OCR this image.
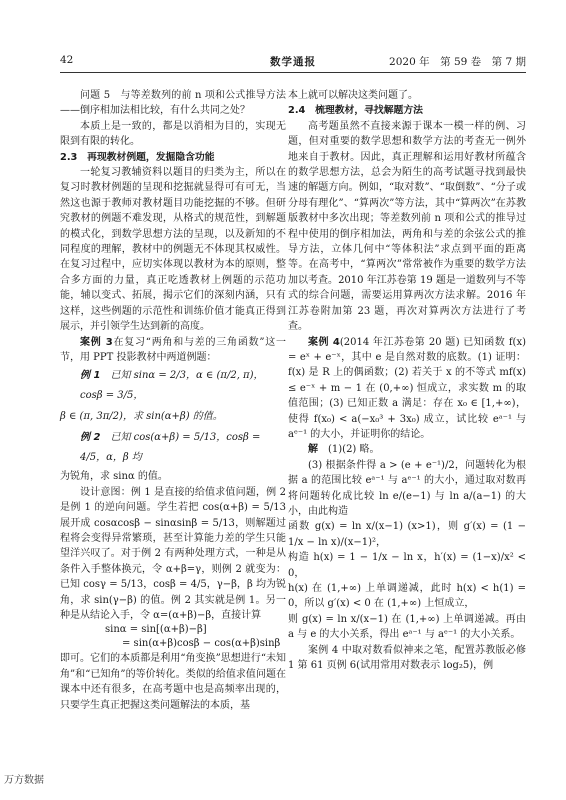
42	数学通报	2020 年　第 59 卷　第 7 期

问题 5　与等差数列的前 n 项和公式推导方法——倒序相加法相比较，有什么共同之处？

本质上是一致的，都是以消相为目的，实现无限到有限的转化。

2.3　再现教材例题，发掘隐含功能

一轮复习教辅资料以题目的归类为主，所以在复习时教材例题的呈现和挖掘就显得可有可无，当然这也源于教师对教材题目功能挖掘的不够。但研究教材的例题不难发现，从格式的规范性，到解题的模式化，到数学思想方法的呈现，以及新知的不同程度的理解，教材中的例题无不体现其权威性。在复习过程中，应切实体现以教材为本的原则，整合多方面的力量，真正吃透教材上例题的示范功能，辅以变式、拓展，揭示它们的深刻内涵，只有这样，这些例题的示范性和训练价值才能真正得到展示，并引领学生达到新的高度。

案例 3在复习“两角和与差的三角函数”这一节，用 PPT 投影教材中两道例题：

例 1　 已知 sinα = 2/3，α ∈ (π/2, π)，cosβ = 3/5，

β ∈ (π, 3π/2)，求 sin(α+β) 的值。

例 2　 已知 cos(α+β) = 5/13，cosβ = 4/5，α，β 均

为锐角，求 sinα 的值。

设计意图：例 1 是直接的给值求值问题，例 2 是例 1 的逆向问题。学生若把 cos(α+β) = 5/13 展开成 cosαcosβ − sinαsinβ = 5/13，则解题过程将会变得异常繁琐，甚至计算能力差的学生只能望洋兴叹了。对于例 2 有两种处理方式，一种是从条件入手整体换元，令 α+β=γ，则例 2 就变为：已知 cosγ = 5/13，cosβ = 4/5，γ−β，β 均为锐角，求 sin(γ−β) 的值。例 2 其实就是例 1。另一种是从结论入手，令 α=(α+β)−β，直接计算

sinα = sin[(α+β)−β]

= sin(α+β)cosβ − cos(α+β)sinβ

即可。它们的本质都是利用“角变换”思想进行“未知角”和“已知角”的等价转化。类似的给值求值问题在课本中还有很多，在高考题中也是高频率出现的，只要学生真正把握这类问题解法的本质，基

本上就可以解决这类问题了。

2.4　梳理教材，寻找解题方法

高考题虽然不直接来源于课本一模一样的例、习题，但对重要的数学思想和数学方法的考查无一例外地来自于教材。因此，真正理解和运用好教材所蕴含的数学思想方法，总会为陌生的高考试题寻找到最快速的解题方向。例如，“取对数”、“取倒数”、“分子或分母有理化”、“算两次”等方法，其中“算两次”在苏教版教材中多次出现；等差数列前 n 项和公式的推导过程中使用的倒序相加法，两角和与差的余弦公式的推导方法，立体几何中“等体积法”求点到平面的距离等。在高考中，“算两次”常常被作为重要的数学方法加以考查。2010 年江苏卷第 19 题是一道数列与不等式的综合问题，需要运用算两次方法求解。2016 年江苏卷附加第 23 题，再次对算两次方法进行了考查。

案例 4(2014 年江苏卷第 20 题) 已知函数 f(x) = eˣ + e⁻ˣ，其中 e 是自然对数的底数。(1) 证明：f(x) 是 R 上的偶函数；(2) 若关于 x 的不等式 mf(x) ≤ e⁻ˣ + m − 1 在 (0,+∞) 恒成立，求实数 m 的取值范围；(3) 已知正数 a 满足：存在 x₀ ∈ [1,+∞)，使得 f(x₀) < a(−x₀³ + 3x₀) 成立，试比较 eᵃ⁻¹ 与 aᵉ⁻¹ 的大小，并证明你的结论。

解　 (1)(2) 略。

(3) 根据条件得 a > (e + e⁻¹)/2，问题转化为根据 a 的范围比较 eᵃ⁻¹ 与 aᵉ⁻¹ 的大小，通过取对数再将问题转化成比较 ln e/(e−1) 与 ln a/(a−1) 的大小，由此构造

函数 g(x) = ln x/(x−1) (x>1)，则 g′(x) = (1 − 1/x − ln x)/(x−1)²，

构造 h(x) = 1 − 1/x − ln x，h′(x) = (1−x)/x² < 0，

h(x) 在 (1,+∞) 上单调递减，此时 h(x) < h(1) = 0，所以 g′(x) < 0 在 (1,+∞) 上恒成立，

则 g(x) = ln x/(x−1) 在 (1,+∞) 上单调递减。再由 a 与 e 的大小关系，得出 eᵃ⁻¹ 与 aᵉ⁻¹ 的大小关系。

案例 4 中取对数看似神来之笔，配置苏教版必修 1 第 61 页例 6(试用常用对数表示 log₂5)，例

万方数据
